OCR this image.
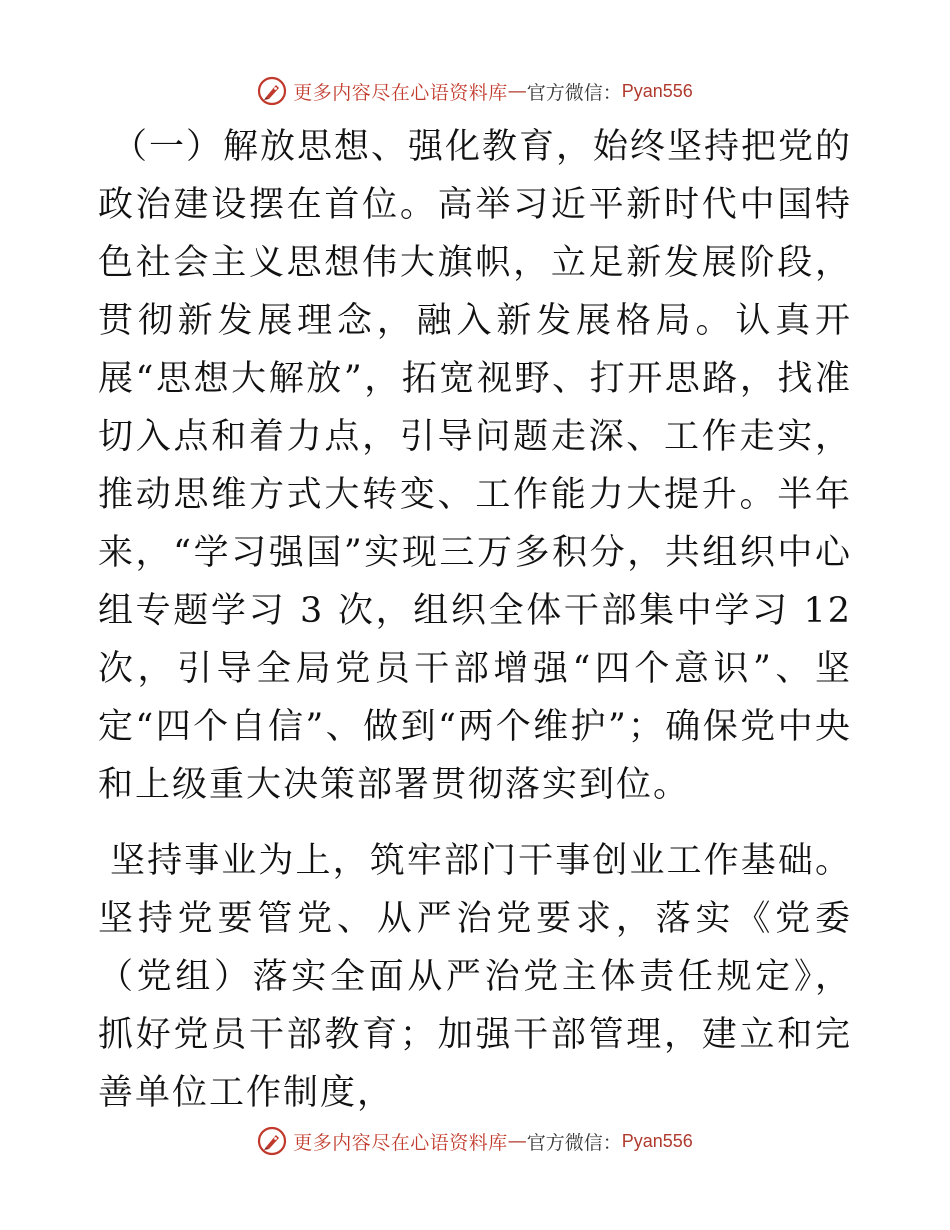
更多内容尽在心语资料库 — 官方微信： Pyan556

（一）解放思想、强化教育，始终坚持把党的政治建设摆在首位。高举习近平新时代中国特色社会主义思想伟大旗帜，立足新发展阶段，贯彻新发展理念，融入新发展格局。认真开展“思想大解放”，拓宽视野、打开思路，找准切入点和着力点，引导问题走深、工作走实，推动思维方式大转变、工作能力大提升。半年来，“学习强国”实现三万多积分，共组织中心组专题学习 3 次，组织全体干部集中学习 12 次，引导全局党员干部增强“四个意识”、坚定“四个自信”、做到“两个维护”；确保党中央和上级重大决策部署贯彻落实到位。

坚持事业为上，筑牢部门干事创业工作基础。坚持党要管党、从严治党要求，落实《党委（党组）落实全面从严治党主体责任规定》，抓好党员干部教育；加强干部管理，建立和完善单位工作制度，

更多内容尽在心语资料库 — 官方微信： Pyan556
